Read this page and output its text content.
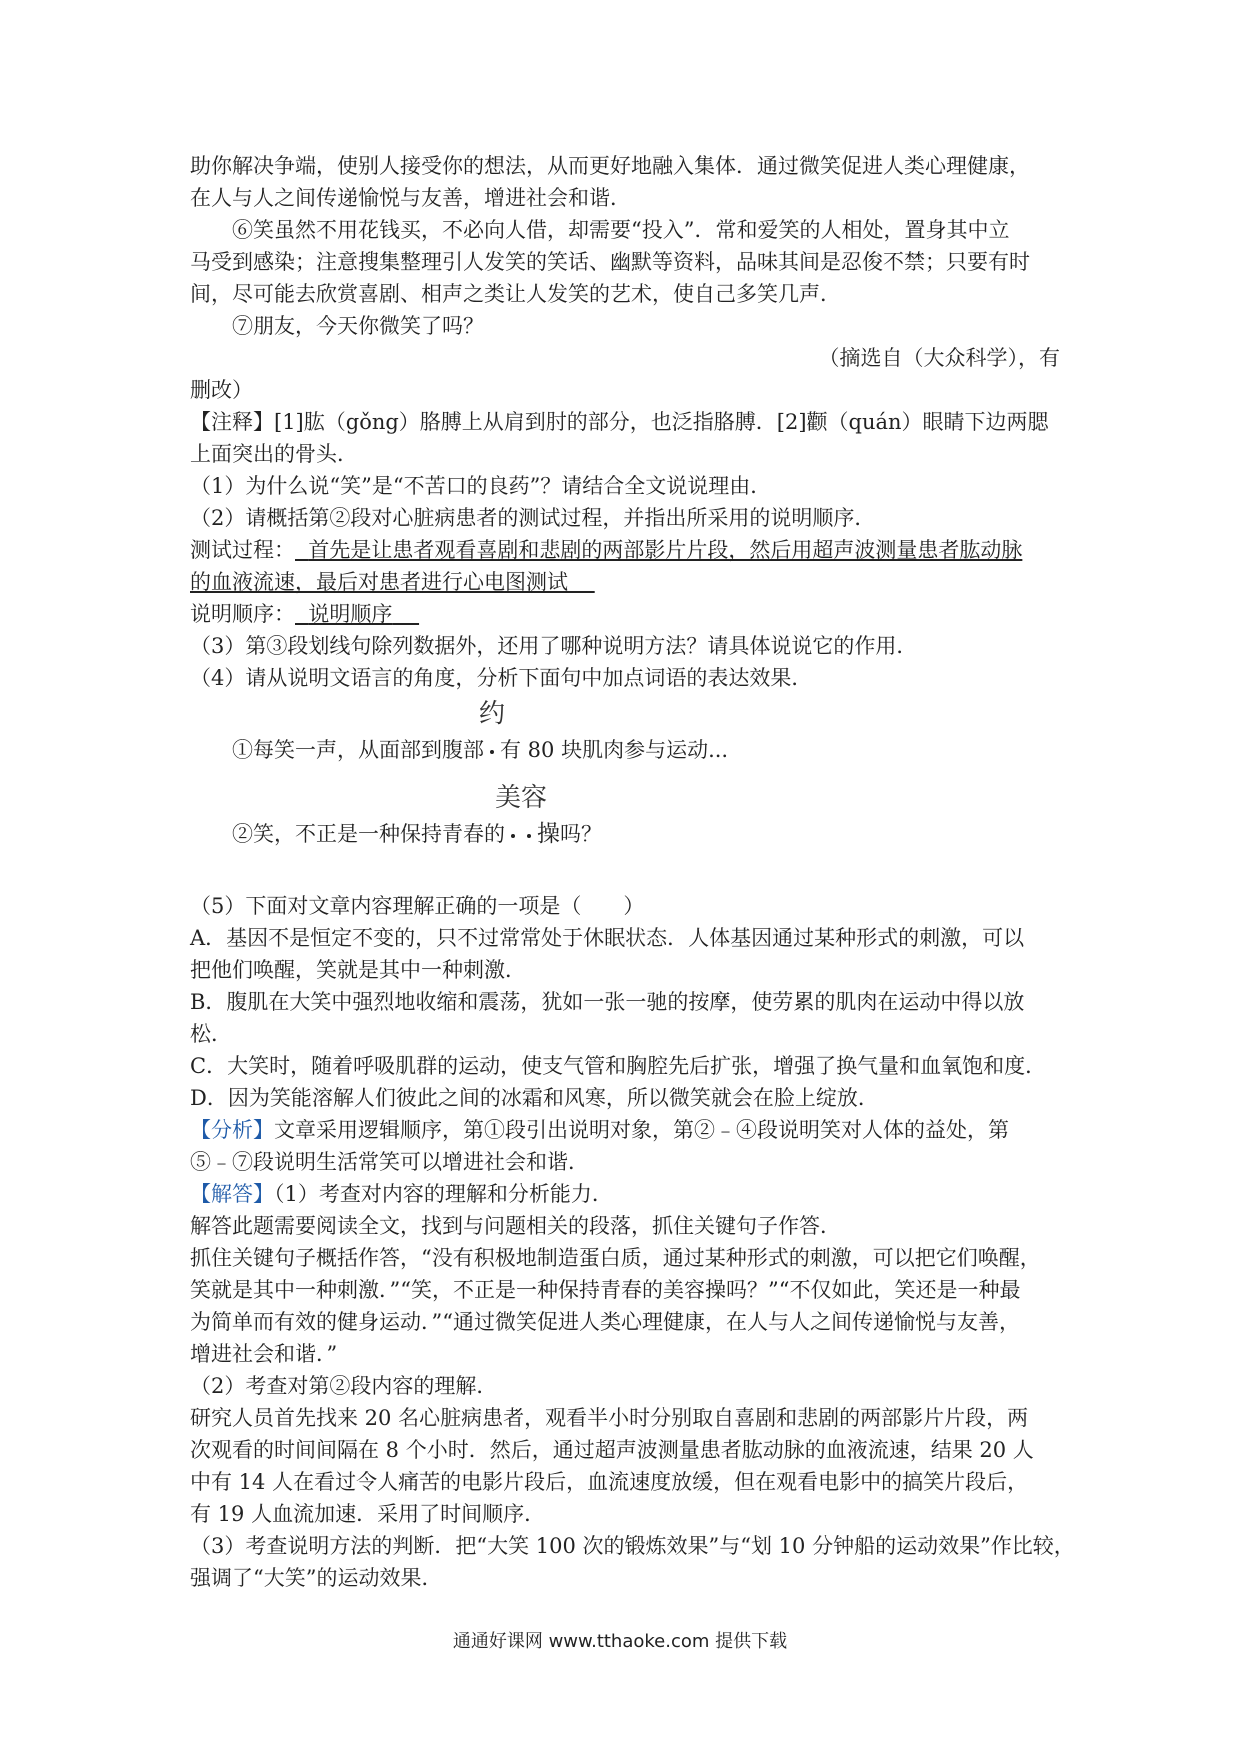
助你解决争端，使别人接受你的想法，从而更好地融入集体．通过微笑促进人类心理健康，
在人与人之间传递愉悦与友善，增进社会和谐．
⑥笑虽然不用花钱买，不必向人借，却需要“投入”．常和爱笑的人相处，置身其中立
马受到感染；注意搜集整理引人发笑的笑话、幽默等资料，品味其间是忍俊不禁；只要有时
间，尽可能去欣赏喜剧、相声之类让人发笑的艺术，使自己多笑几声．
⑦朋友，今天你微笑了吗？
（摘选自（大众科学），有
删改）
【注释】[1]肱（gǒng）胳膊上从肩到肘的部分，也泛指胳膊．[2]颧（quán）眼睛下边两腮
上面突出的骨头．
（1）为什么说“笑”是“不苦口的良药”？请结合全文说说理由．
（2）请概括第②段对心脏病患者的测试过程，并指出所采用的说明顺序．
测试过程： 首先是让患者观看喜剧和悲剧的两部影片片段，然后用超声波测量患者肱动脉
的血液流速，最后对患者进行心电图测试
说明顺序： 说明顺序
（3）第③段划线句除列数据外，还用了哪种说明方法？请具体说说它的作用．
（4）请从说明文语言的角度，分析下面句中加点词语的表达效果．
①每笑一声，从面部到腹部
约
有 80 块肌肉参与运动...
②笑，不正是一种保持青春的
美容
操吗？
（5）下面对文章内容理解正确的一项是（　　）
A．基因不是恒定不变的，只不过常常处于休眠状态．人体基因通过某种形式的刺激，可以
把他们唤醒，笑就是其中一种刺激．
B．腹肌在大笑中强烈地收缩和震荡，犹如一张一驰的按摩，使劳累的肌肉在运动中得以放
松．
C．大笑时，随着呼吸肌群的运动，使支气管和胸腔先后扩张，增强了换气量和血氧饱和度．
D．因为笑能溶解人们彼此之间的冰霜和风寒，所以微笑就会在脸上绽放．
【分析】文章采用逻辑顺序，第①段引出说明对象，第②﹣④段说明笑对人体的益处，第
⑤﹣⑦段说明生活常笑可以增进社会和谐．
【解答】（1）考查对内容的理解和分析能力．
解答此题需要阅读全文，找到与问题相关的段落，抓住关键句子作答．
抓住关键句子概括作答，“没有积极地制造蛋白质，通过某种形式的刺激，可以把它们唤醒，
笑就是其中一种刺激．”“笑，不正是一种保持青春的美容操吗？”“不仅如此，笑还是一种最
为简单而有效的健身运动．”“通过微笑促进人类心理健康，在人与人之间传递愉悦与友善，
增进社会和谐．”
（2）考查对第②段内容的理解．
研究人员首先找来 20 名心脏病患者，观看半小时分别取自喜剧和悲剧的两部影片片段，两
次观看的时间间隔在 8 个小时．然后，通过超声波测量患者肱动脉的血液流速，结果 20 人
中有 14 人在看过令人痛苦的电影片段后，血流速度放缓，但在观看电影中的搞笑片段后，
有 19 人血流加速．采用了时间顺序．
（3）考查说明方法的判断．把“大笑 100 次的锻炼效果”与“划 10 分钟船的运动效果”作比较，
强调了“大笑”的运动效果．
通通好课网 www.tthaoke.com 提供下载
